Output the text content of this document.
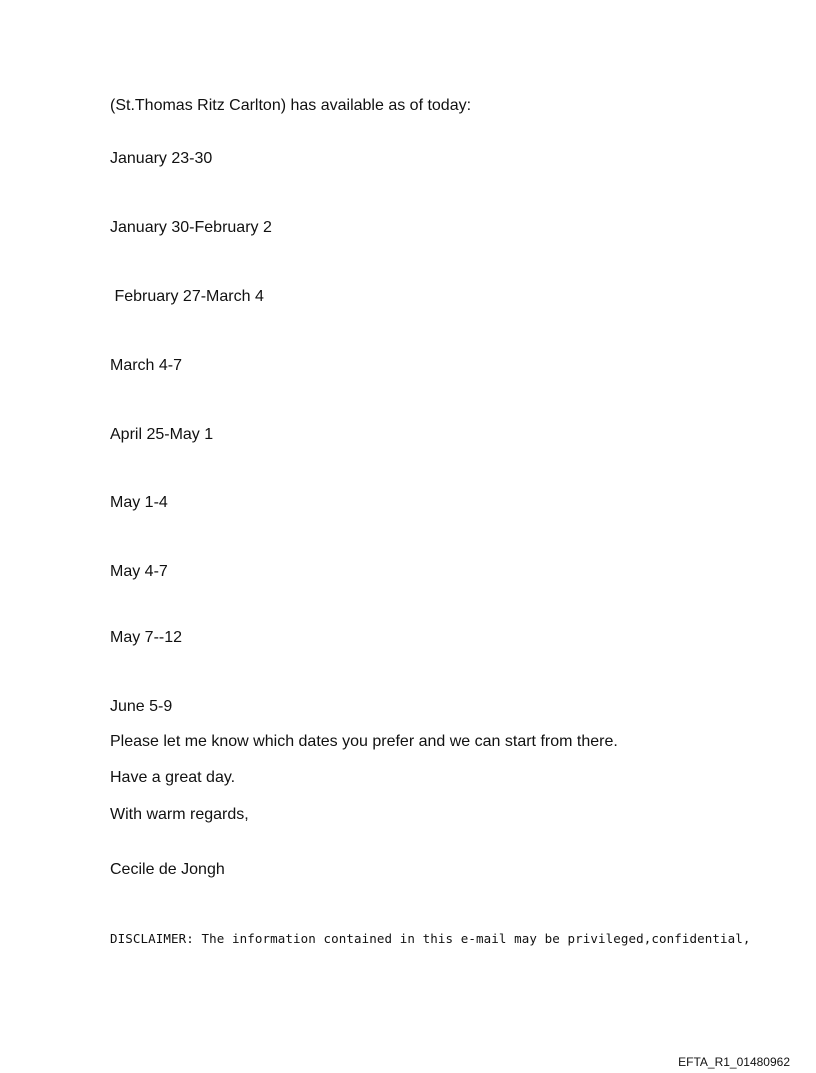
(St.Thomas Ritz Carlton) has available as of today:
January 23-30
January 30-February 2
February 27-March 4
March 4-7
April 25-May 1
May 1-4
May 4-7
May 7--12
June 5-9
Please let me know which dates you prefer and we can start from there.
Have a great day.
With warm regards,
Cecile de Jongh
DISCLAIMER: The information contained in this e-mail may be privileged,confidential,
EFTA_R1_01480962
